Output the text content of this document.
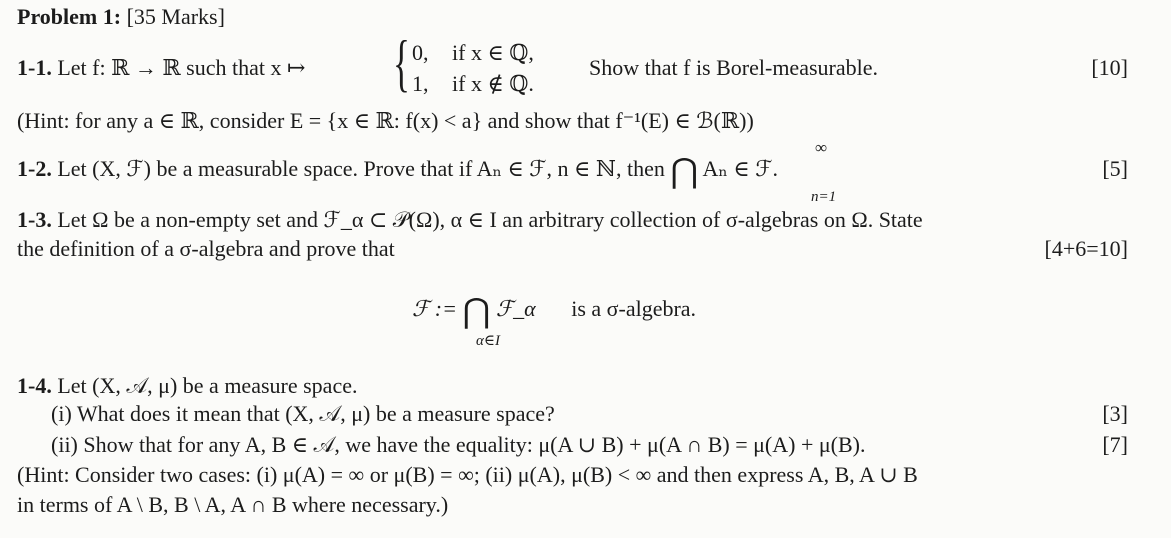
Problem 1: [35 Marks]
1-1. Let f: ℝ → ℝ such that x ↦ { 0, if x ∈ ℚ,
1, if x ∉ ℚ.
Show that f is Borel-measurable.	[10]
(Hint: for any a ∈ ℝ, consider E = {x ∈ ℝ: f(x) < a} and show that f⁻¹(E) ∈ ℬ(ℝ))
1-2. Let (X, ℱ) be a measurable space. Prove that if Aₙ ∈ ℱ, n ∈ ℕ, then ⋂ Aₙ ∈ ℱ.
∞
n=1
[5]
1-3. Let Ω be a non-empty set and ℱ_α ⊂ 𝒫(Ω), α ∈ I an arbitrary collection of σ-algebras on Ω. State
the definition of a σ-algebra and prove that	[4+6=10]
ℱ := ⋂ ℱ_α is a σ-algebra.
α∈I
1-4. Let (X, 𝒜, μ) be a measure space.
(i) What does it mean that (X, 𝒜, μ) be a measure space?	[3]
(ii) Show that for any A, B ∈ 𝒜, we have the equality: μ(A ∪ B) + μ(A ∩ B) = μ(A) + μ(B).	[7]
(Hint: Consider two cases: (i) μ(A) = ∞ or μ(B) = ∞; (ii) μ(A), μ(B) < ∞ and then express A, B, A ∪ B
in terms of A \ B, B \ A, A ∩ B where necessary.)
